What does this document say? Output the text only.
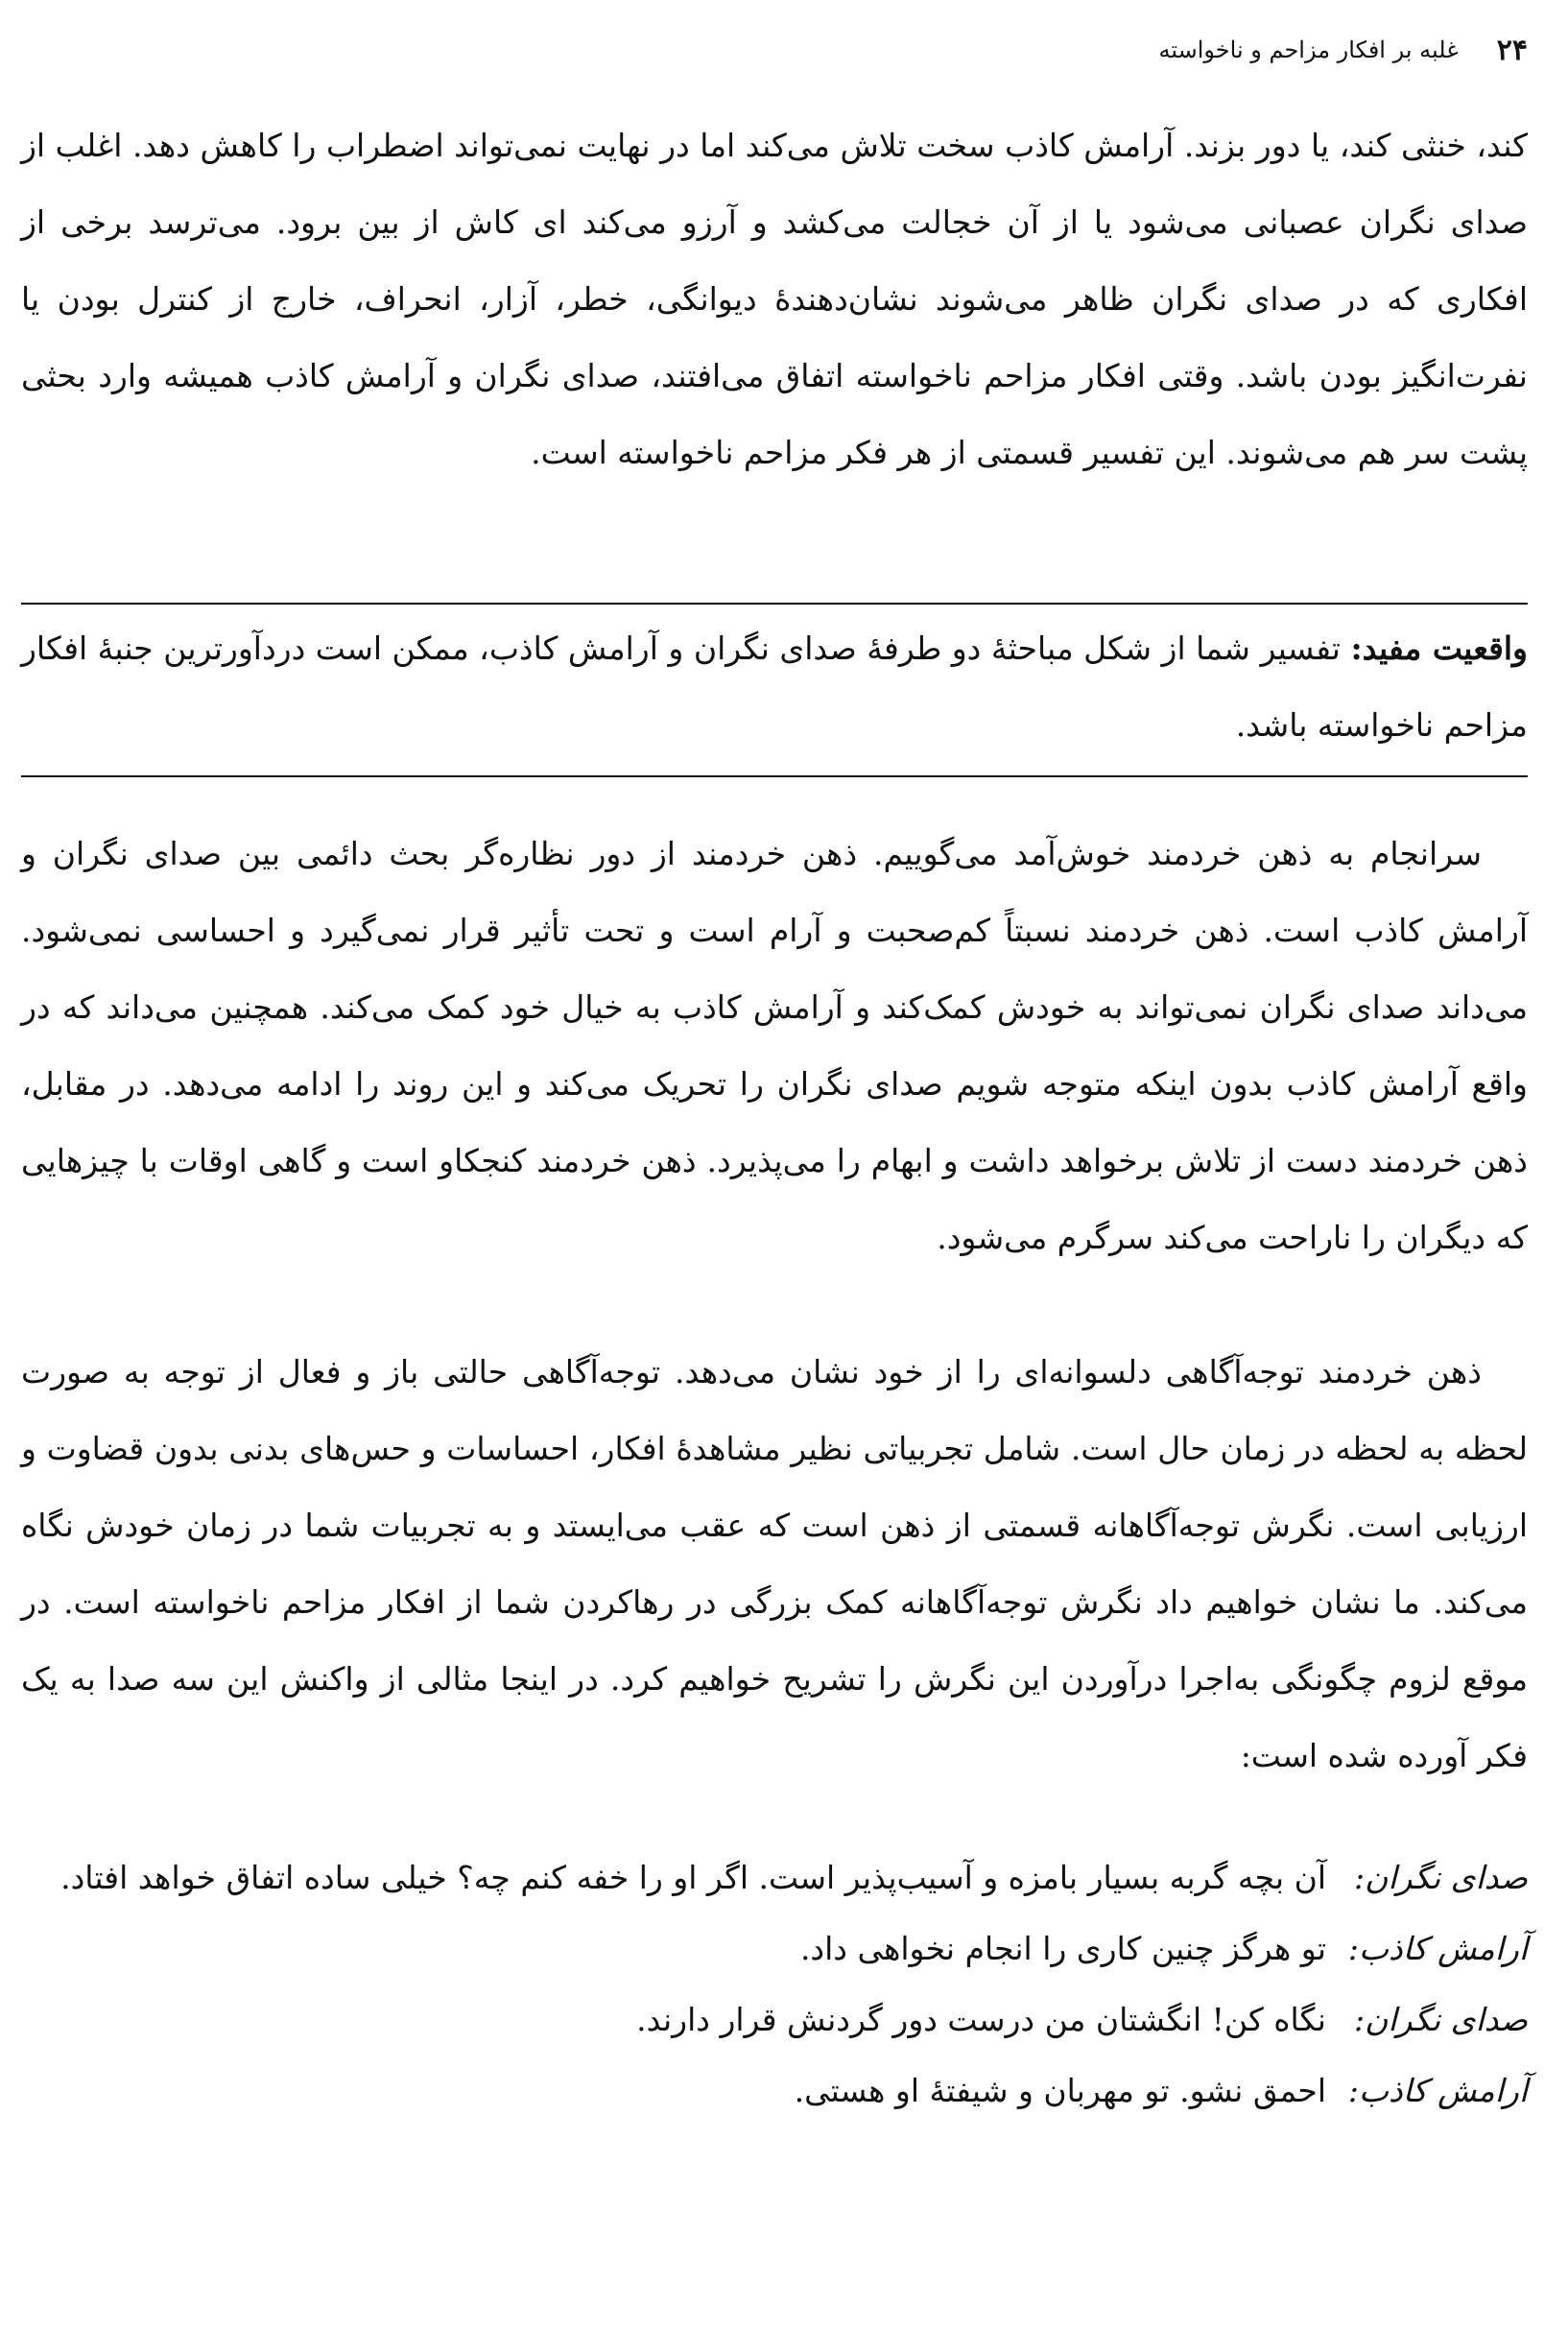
۲۴
غلبه بر افکار مزاحم و ناخواسته

کند، خنثی کند، یا دور بزند. آرامش کاذب سخت تلاش می‌کند اما در نهایت نمی‌تواند اضطراب را کاهش دهد. اغلب از صدای نگران عصبانی می‌شود یا از آن خجالت می‌کشد و آرزو می‌کند ای کاش از بین برود. می‌ترسد برخی از افکاری که در صدای نگران ظاهر می‌شوند نشان‌دهندهٔ دیوانگی، خطر، آزار، انحراف، خارج از کنترل بودن یا نفرت‌انگیز بودن باشد. وقتی افکار مزاحم ناخواسته اتفاق می‌افتند، صدای نگران و آرامش کاذب همیشه وارد بحثی پشت سر هم می‌شوند. این تفسیر قسمتی از هر فکر مزاحم ناخواسته است.

واقعیت مفید: تفسیر شما از شکل مباحثهٔ دو طرفهٔ صدای نگران و آرامش کاذب، ممکن است دردآورترین جنبهٔ افکار مزاحم ناخواسته باشد.

سرانجام به ذهن خردمند خوش‌آمد می‌گوییم. ذهن خردمند از دور نظاره‌گر بحث دائمی بین صدای نگران و آرامش کاذب است. ذهن خردمند نسبتاً کم‌صحبت و آرام است و تحت تأثیر قرار نمی‌گیرد و احساسی نمی‌شود. می‌داند صدای نگران نمی‌تواند به خودش کمک‌کند و آرامش کاذب به خیال خود کمک می‌کند. همچنین می‌داند که در واقع آرامش کاذب بدون اینکه متوجه شویم صدای نگران را تحریک می‌کند و این روند را ادامه می‌دهد. در مقابل، ذهن خردمند دست از تلاش برخواهد داشت و ابهام را می‌پذیرد. ذهن خردمند کنجکاو است و گاهی اوقات با چیزهایی که دیگران را ناراحت می‌کند سرگرم می‌شود.

ذهن خردمند توجه‌آگاهی دلسوانه‌ای را از خود نشان می‌دهد. توجه‌آگاهی حالتی باز و فعال از توجه به صورت لحظه به لحظه در زمان حال است. شامل تجربیاتی نظیر مشاهدهٔ افکار، احساسات و حس‌های بدنی بدون قضاوت و ارزیابی است. نگرش توجه‌آگاهانه قسمتی از ذهن است که عقب می‌ایستد و به تجربیات شما در زمان خودش نگاه می‌کند. ما نشان خواهیم داد نگرش توجه‌آگاهانه کمک بزرگی در رهاکردن شما از افکار مزاحم ناخواسته است. در موقع لزوم چگونگی به‌اجرا درآوردن این نگرش را تشریح خواهیم کرد. در اینجا مثالی از واکنش این سه صدا به یک فکر آورده شده است:

صدای نگران:
آن بچه گربه بسیار بامزه و آسیب‌پذیر است. اگر او را خفه کنم چه؟ خیلی ساده اتفاق خواهد افتاد.
آرامش کاذب:
تو هرگز چنین کاری را انجام نخواهی داد.
صدای نگران:
نگاه کن! انگشتان من درست دور گردنش قرار دارند.
آرامش کاذب:
احمق نشو. تو مهربان و شیفتهٔ او هستی.
